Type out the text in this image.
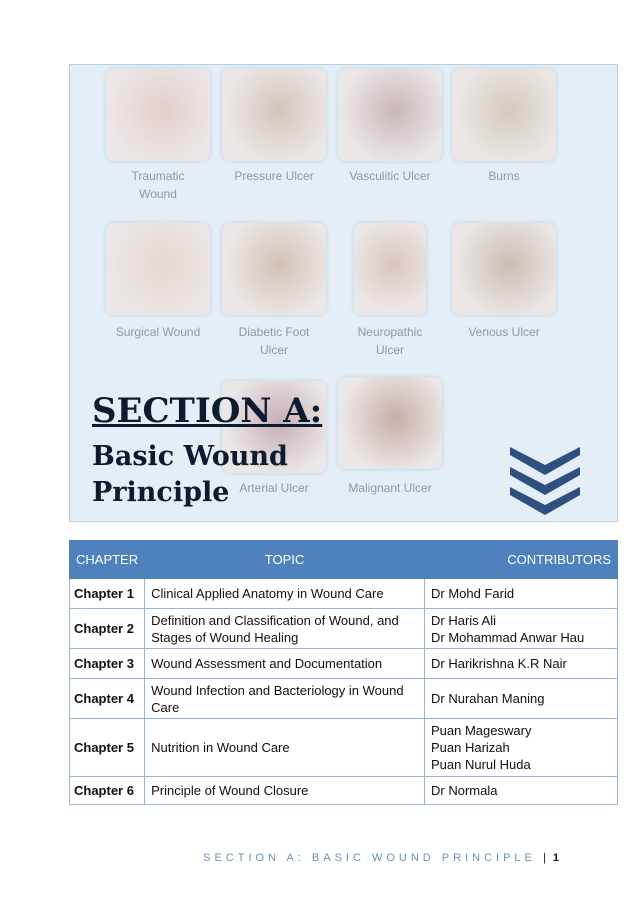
Traumatic
Wound
Pressure Ulcer	Vasculitic Ulcer	Burns
Surgical Wound	Diabetic Foot
Ulcer
Neuropathic
Ulcer
Venous Ulcer
Arterial Ulcer	Malignant Ulcer
SECTION A:
Basic Wound Principle
CHAPTER	TOPIC	CONTRIBUTORS
Chapter 1	Clinical Applied Anatomy in Wound Care	Dr Mohd Farid

Chapter 2	Definition and Classification of Wound, and
Stages of Wound Healing	Dr Haris Ali
Dr Mohammad Anwar Hau

Chapter 3	Wound Assessment and Documentation	Dr Harikrishna K.R Nair

Chapter 4	Wound Infection and Bacteriology in Wound
Care	Dr Nurahan Maning

Chapter 5	Nutrition in Wound Care	Puan Mageswary
Puan Harizah
Puan Nurul Huda

Chapter 6	Principle of Wound Closure	Dr Normala
SECTION A: BASIC WOUND PRINCIPLE | 1
